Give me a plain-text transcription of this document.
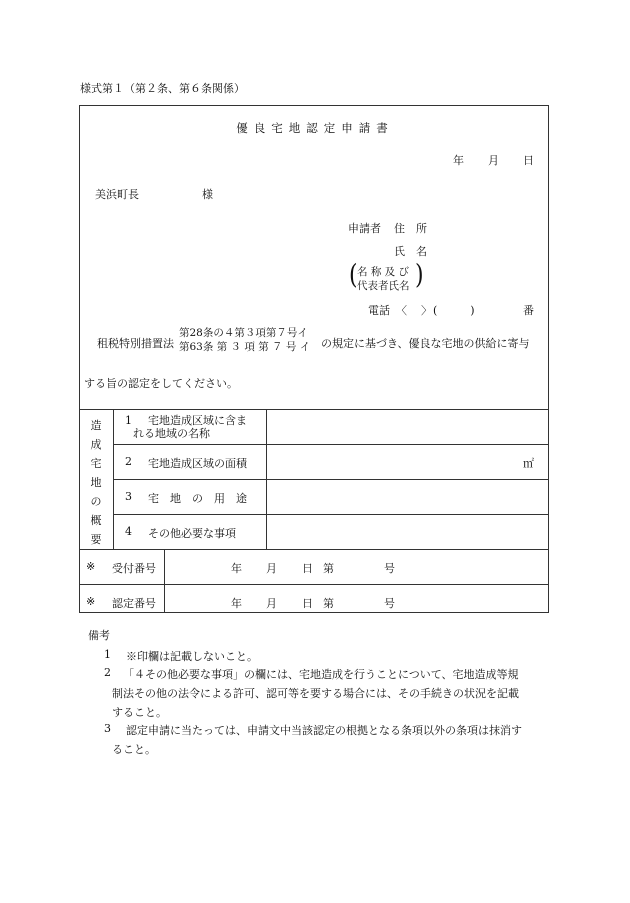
様式第１（第２条、第６条関係）
優良宅地認定申請書
年 月 日
美浜町長	様
申請者 住　所
氏　名
( 名 称 及 び
代表者氏名 )
電話 〈 〉 (　　　)	番
租税特別措置法
第28条の４第３項第７号イ
第63条 第 ３ 項 第 ７ 号 イ の規定に基づき、優良な宅地の供給に寄与
する旨の認定をしてください。
造
成
宅
地
の
概
要
1 宅地造成区域に含ま
れる地域の名称
2 宅地造成区域の面積	㎡
3 宅　地　の　用　途
4 その他必要な事項
※ 受付番号	年 月 日 第	号
※ 認定番号	年 月 日 第	号
備考
1 ※印欄は記載しないこと。
2 「４その他必要な事項」の欄には、宅地造成を行うことについて、宅地造成等規
制法その他の法令による許可、認可等を要する場合には、その手続きの状況を記載
すること。
3 認定申請に当たっては、申請文中当該認定の根拠となる条項以外の条項は抹消す
ること。
